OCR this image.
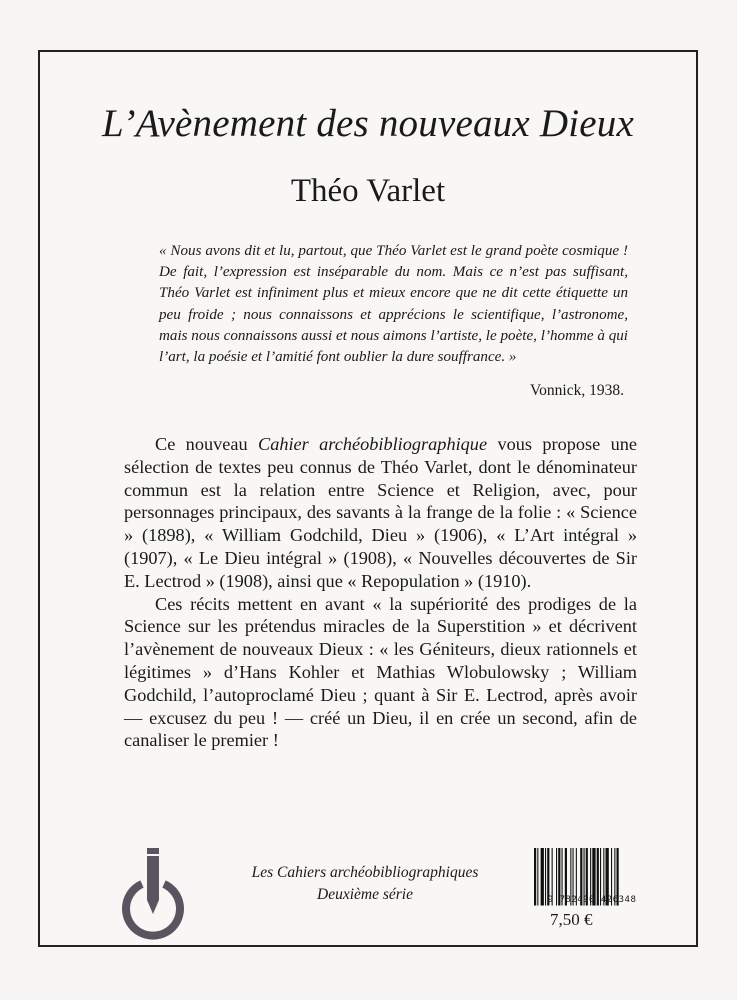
L’Avènement des nouveaux Dieux
Théo Varlet

« Nous avons dit et lu, partout, que Théo Varlet est le grand poète cosmique ! De fait, l’expression est inséparable du nom. Mais ce n’est pas suffisant, Théo Varlet est infiniment plus et mieux encore que ne dit cette étiquette un peu froide ; nous connaissons et apprécions le scientifique, l’astronome, mais nous connaissons aussi et nous aimons l’artiste, le poète, l’homme à qui l’art, la poésie et l’amitié font oublier la dure souffrance. »

Vonnick, 1938.

Ce nouveau Cahier archéobibliographique vous propose une sélection de textes peu connus de Théo Varlet, dont le dénominateur commun est la relation entre Science et Religion, avec, pour personnages principaux, des savants à la frange de la folie : « Science » (1898), « William Godchild, Dieu » (1906), « L’Art intégral » (1907), « Le Dieu intégral » (1908), « Nouvelles découvertes de Sir E. Lectrod » (1908), ainsi que « Repopulation » (1910).

Ces récits mettent en avant « la supériorité des prodiges de la Science sur les prétendus miracles de la Superstition » et décrivent l’avènement de nouveaux Dieux : « les Géniteurs, dieux rationnels et légitimes » d’Hans Kohler et Mathias Wlobulowsky ; William Godchild, l’autoproclamé Dieu ; quant à Sir E. Lectrod, après avoir — excusez du peu ! — créé un Dieu, il en crée un second, afin de canaliser le premier !

Les Cahiers archéobibliographiques
Deuxième série	9 782490 426348
7,50 €
